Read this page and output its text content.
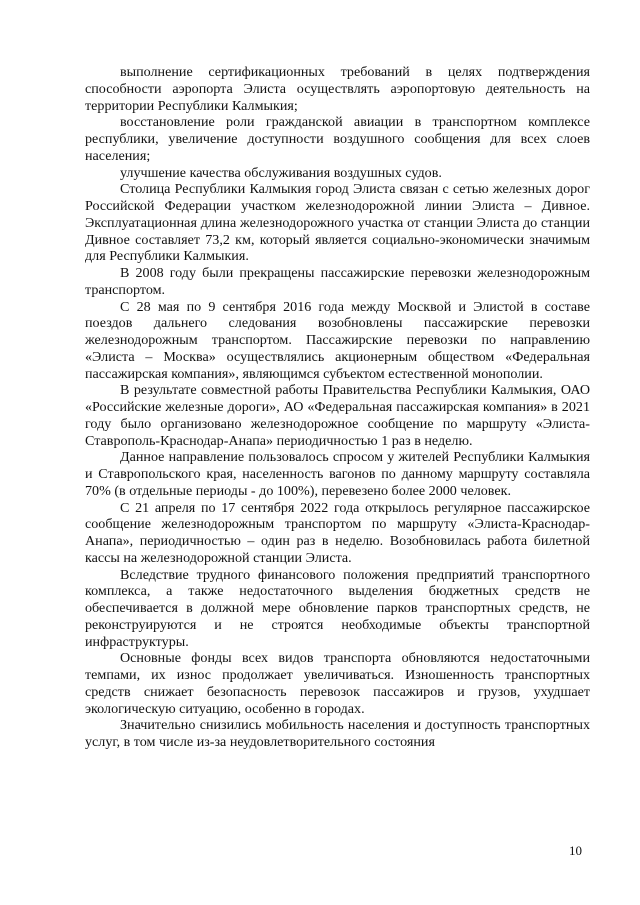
выполнение сертификационных требований в целях подтверждения способности аэропорта Элиста осуществлять аэропортовую деятельность на территории Республики Калмыкия;

восстановление роли гражданской авиации в транспортном комплексе республики, увеличение доступности воздушного сообщения для всех слоев населения;

улучшение качества обслуживания воздушных судов.

Столица Республики Калмыкия город Элиста связан с сетью железных дорог Российской Федерации участком железнодорожной линии Элиста – Дивное. Эксплуатационная длина железнодорожного участка от станции Элиста до станции Дивное составляет 73,2 км, который является социально-экономически значимым для Республики Калмыкия.

В 2008 году были прекращены пассажирские перевозки железнодорожным транспортом.

С 28 мая по 9 сентября 2016 года между Москвой и Элистой в составе поездов дальнего следования возобновлены пассажирские перевозки железнодорожным транспортом. Пассажирские перевозки по направлению «Элиста – Москва» осуществлялись акционерным обществом «Федеральная пассажирская компания», являющимся субъектом естественной монополии.

В результате совместной работы Правительства Республики Калмыкия, ОАО «Российские железные дороги», АО «Федеральная пассажирская компания» в 2021 году было организовано железнодорожное сообщение по маршруту «Элиста-Ставрополь-Краснодар-Анапа» периодичностью 1 раз в неделю.

Данное направление пользовалось спросом у жителей Республики Калмыкия и Ставропольского края, населенность вагонов по данному маршруту составляла 70% (в отдельные периоды - до 100%), перевезено более 2000 человек.

С 21 апреля по 17 сентября 2022 года открылось регулярное пассажирское сообщение железнодорожным транспортом по маршруту «Элиста-Краснодар-Анапа», периодичностью – один раз в неделю. Возобновилась работа билетной кассы на железнодорожной станции Элиста.

Вследствие трудного финансового положения предприятий транспортного комплекса, а также недостаточного выделения бюджетных средств не обеспечивается в должной мере обновление парков транспортных средств, не реконструируются и не строятся необходимые объекты транспортной инфраструктуры.

Основные фонды всех видов транспорта обновляются недостаточными темпами, их износ продолжает увеличиваться. Изношенность транспортных средств снижает безопасность перевозок пассажиров и грузов, ухудшает экологическую ситуацию, особенно в городах.

Значительно снизились мобильность населения и доступность транспортных услуг, в том числе из-за неудовлетворительного состояния

10
